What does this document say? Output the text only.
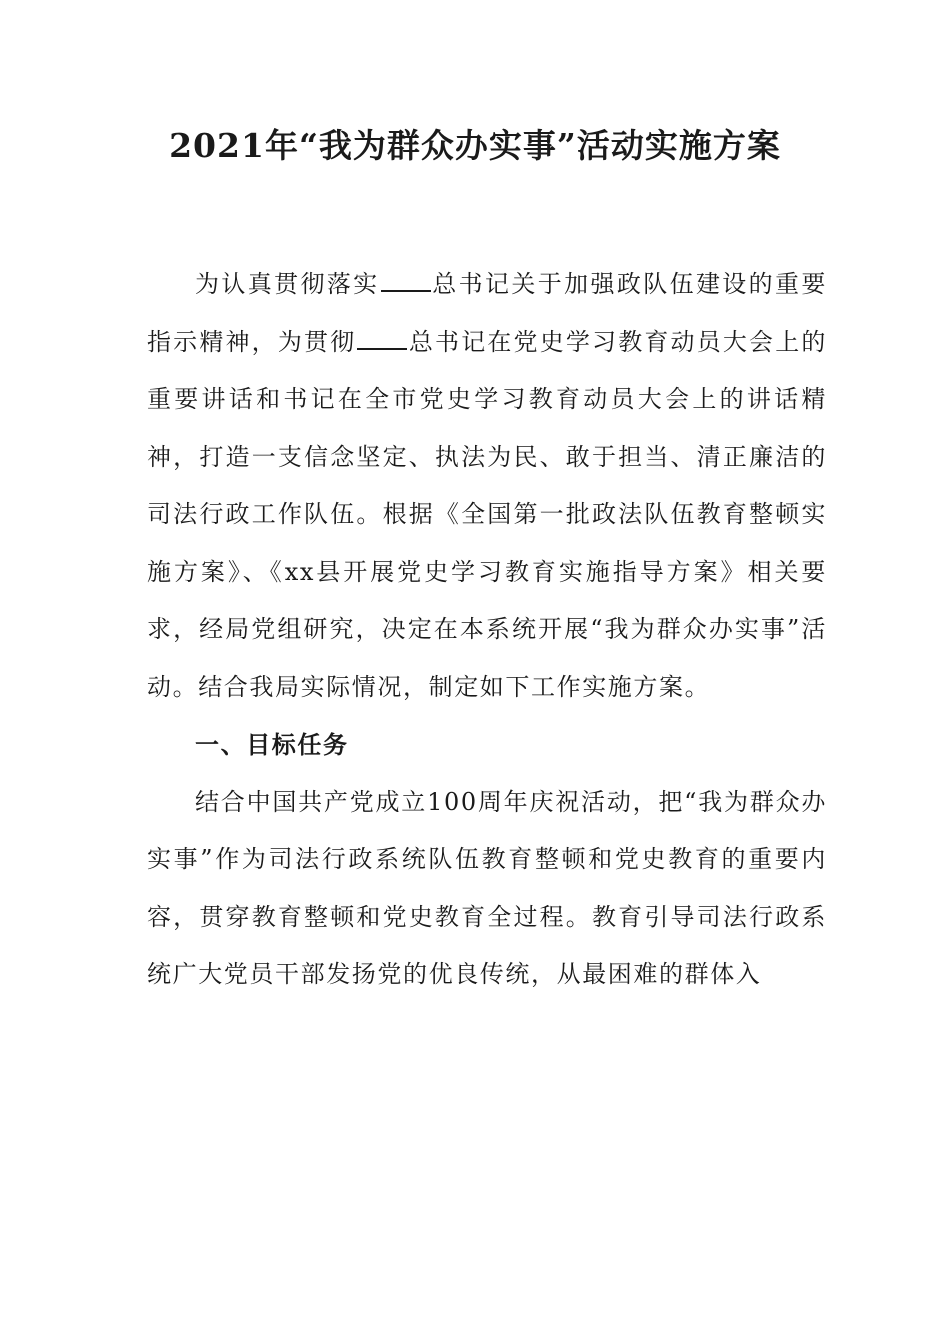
2021年“我为群众办实事”活动实施方案

为认真贯彻落实 总书记关于加强政队伍建设的重要指示精神，为贯彻 总书记在党史学习教育动员大会上的重要讲话和书记在全市党史学习教育动员大会上的讲话精神，打造一支信念坚定、执法为民、敢于担当、清正廉洁的司法行政工作队伍。根据《全国第一批政法队伍教育整顿实施方案》、《xx县开展党史学习教育实施指导方案》相关要求，经局党组研究，决定在本系统开展“我为群众办实事”活动。结合我局实际情况，制定如下工作实施方案。

一、目标任务

结合中国共产党成立100周年庆祝活动，把“我为群众办实事”作为司法行政系统队伍教育整顿和党史教育的重要内容，贯穿教育整顿和党史教育全过程。教育引导司法行政系统广大党员干部发扬党的优良传统，从最困难的群体入
